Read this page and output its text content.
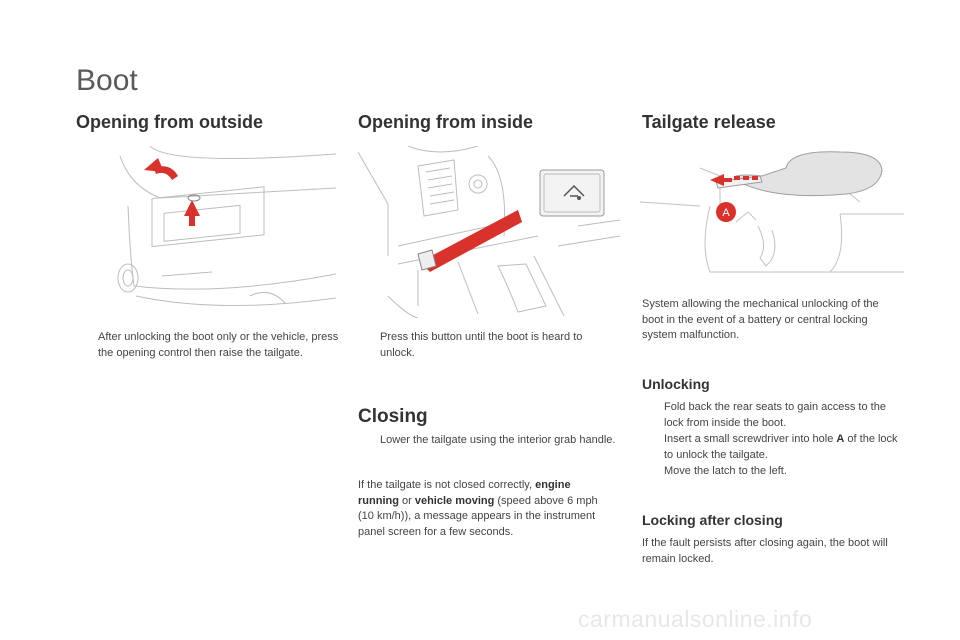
Boot
Opening from outside
After unlocking the boot only or the vehicle, press the opening control then raise the tailgate.
Opening from inside
Press this button until the boot is heard to unlock.
Closing
Lower the tailgate using the interior grab handle.

If the tailgate is not closed correctly, engine running or vehicle moving (speed above 6 mph (10 km/h)), a message appears in the instrument panel screen for a few seconds.

Tailgate release
A

System allowing the mechanical unlocking of the boot in the event of a battery or central locking system malfunction.

Unlocking
Fold back the rear seats to gain access to the lock from inside the boot.
Insert a small screwdriver into hole A of the lock to unlock the tailgate.
Move the latch to the left.
Locking after closing

If the fault persists after closing again, the boot will remain locked.

carmanualsonline.info
